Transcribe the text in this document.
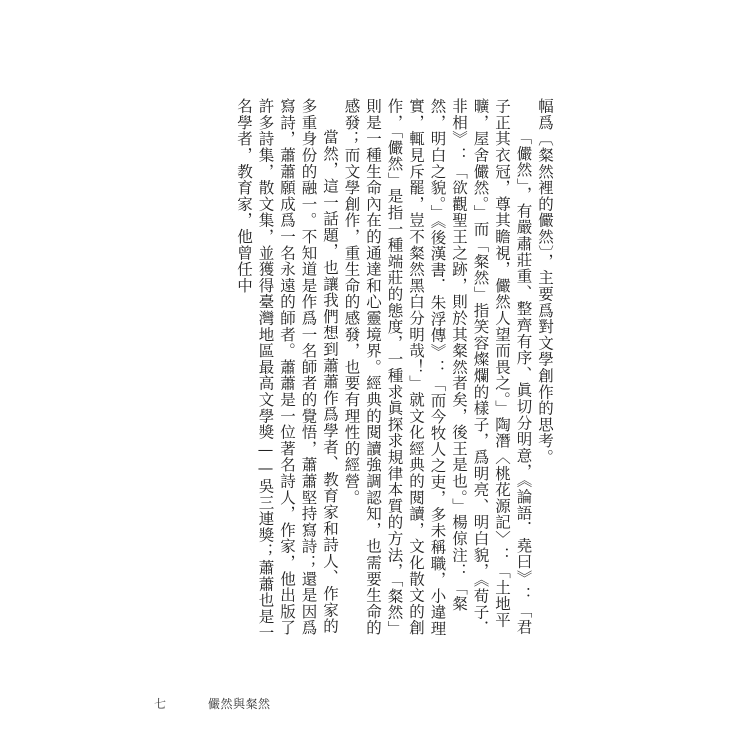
幅爲〔粲然裡的儼然〕，主要爲對文學創作的思考。

「儼然」，有嚴肅莊重、整齊有序、眞切分明意，《論語．堯曰》：「君子正其衣冠，尊其瞻視，儼然人望而畏之。」陶潛〈桃花源記〉：「土地平曠，屋舍儼然。」而「粲然」指笑容燦爛的樣子，爲明亮、明白貌，《荀子．非相》：「欲觀聖王之跡，則於其粲然者矣，後王是也。」楊倞注：「粲然，明白之貌。」《後漢書．朱浮傳》：「而今牧人之吏，多未稱職，小違理實，輒見斥罷，豈不粲然黑白分明哉！」就文化經典的閱讀，文化散文的創作，「儼然」是指一種端莊的態度，一種求眞探求規律本質的方法，「粲然」則是一種生命內在的通達和心靈境界。經典的閱讀強調認知，也需要生命的感發；而文學創作，重生命的感發，也要有理性的經營。

當然，這一話題，也讓我們想到蕭蕭作爲學者、教育家和詩人、作家的多重身份的融一。不知道是作爲一名師者的覺悟，蕭蕭堅持寫詩；還是因爲寫詩，蕭蕭願成爲一名永遠的師者。蕭蕭是一位著名詩人，作家，他出版了許多詩集，散文集，並獲得臺灣地區最高文學獎——吳三連獎；蕭蕭也是一名學者，教育家，他曾任中

七	儼然與粲然
